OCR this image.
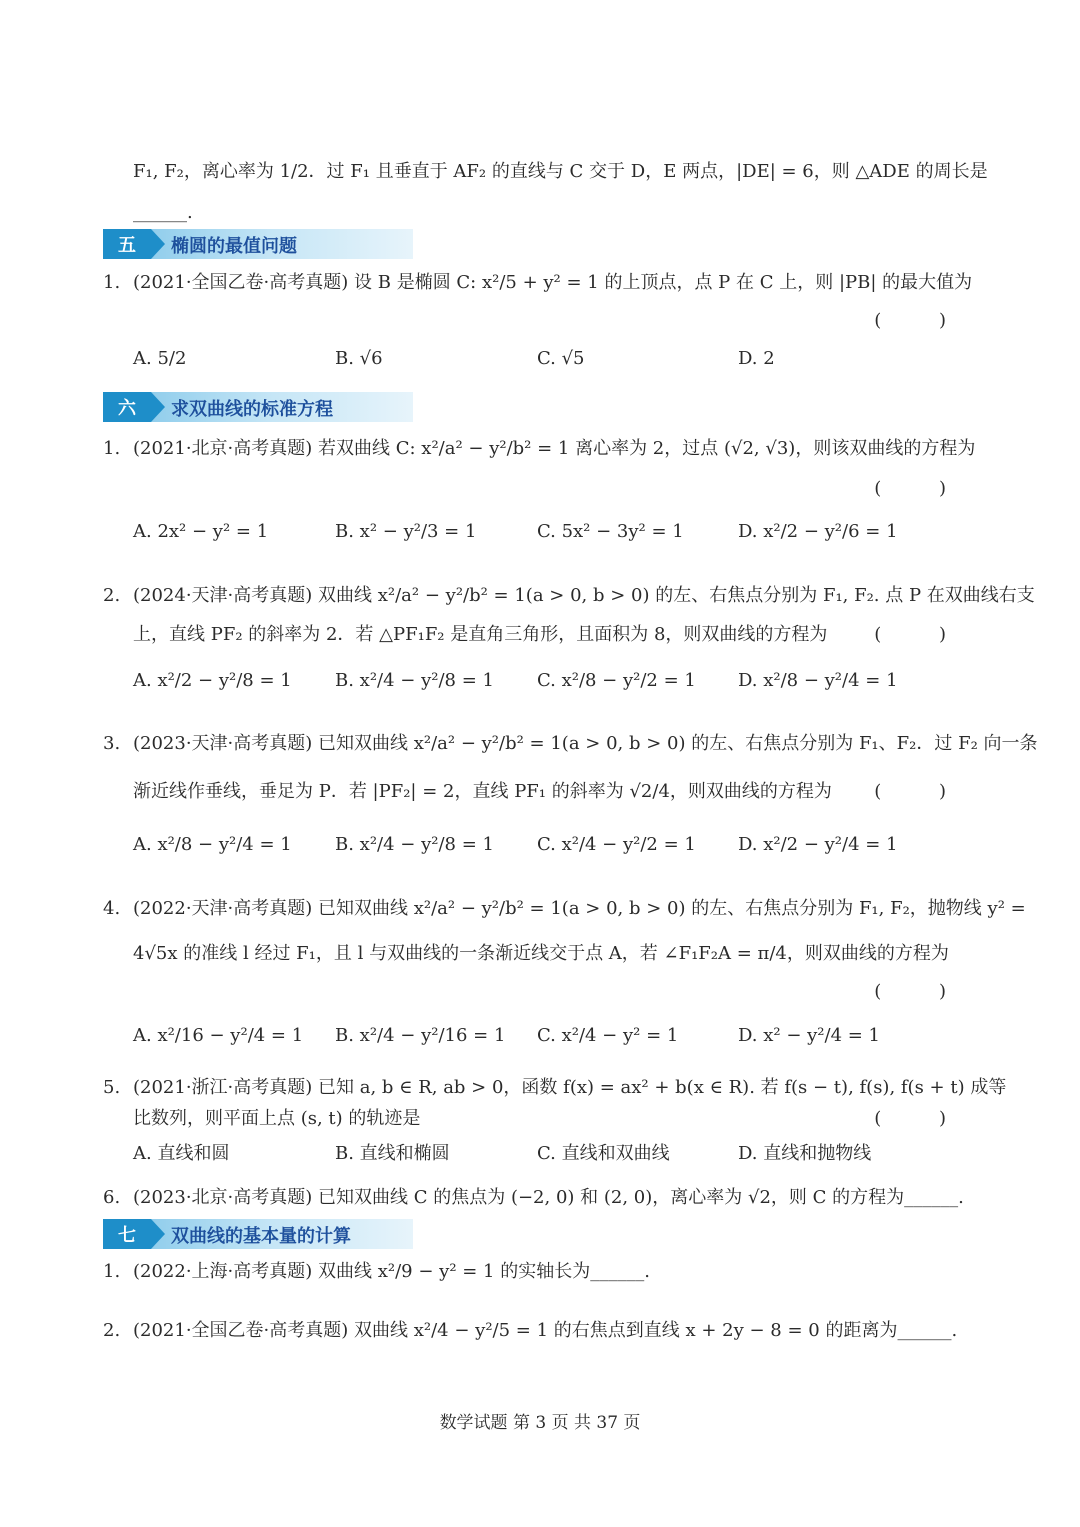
F₁, F₂，离心率为 1/2．过 F₁ 且垂直于 AF₂ 的直线与 C 交于 D，E 两点，|DE| = 6，则 △ADE 的周长是
______.
五	椭圆的最值问题
1. (2021·全国乙卷·高考真题) 设 B 是椭圆 C: x²/5 + y² = 1 的上顶点，点 P 在 C 上，则 |PB| 的最大值为
( )
A. 5/2	B. √6	C. √5	D. 2
六	求双曲线的标准方程
1. (2021·北京·高考真题) 若双曲线 C: x²/a² − y²/b² = 1 离心率为 2，过点 (√2, √3)，则该双曲线的方程为
( )
A. 2x² − y² = 1	B. x² − y²/3 = 1	C. 5x² − 3y² = 1	D. x²/2 − y²/6 = 1
2. (2024·天津·高考真题) 双曲线 x²/a² − y²/b² = 1(a > 0, b > 0) 的左、右焦点分别为 F₁, F₂. 点 P 在双曲线右支
上，直线 PF₂ 的斜率为 2．若 △PF₁F₂ 是直角三角形，且面积为 8，则双曲线的方程为	( )
A. x²/2 − y²/8 = 1 B. x²/4 − y²/8 = 1 C. x²/8 − y²/2 = 1 D. x²/8 − y²/4 = 1
3. (2023·天津·高考真题) 已知双曲线 x²/a² − y²/b² = 1(a > 0, b > 0) 的左、右焦点分别为 F₁、F₂．过 F₂ 向一条
渐近线作垂线，垂足为 P．若 |PF₂| = 2，直线 PF₁ 的斜率为 √2/4，则双曲线的方程为 ( )
A. x²/8 − y²/4 = 1 B. x²/4 − y²/8 = 1 C. x²/4 − y²/2 = 1 D. x²/2 − y²/4 = 1
4. (2022·天津·高考真题) 已知双曲线 x²/a² − y²/b² = 1(a > 0, b > 0) 的左、右焦点分别为 F₁, F₂，抛物线 y² =
4√5x 的准线 l 经过 F₁，且 l 与双曲线的一条渐近线交于点 A，若 ∠F₁F₂A = π/4，则双曲线的方程为
( )
A. x²/16 − y²/4 = 1 B. x²/4 − y²/16 = 1 C. x²/4 − y² = 1	D. x² − y²/4 = 1
5. (2021·浙江·高考真题) 已知 a, b ∈ R, ab > 0，函数 f(x) = ax² + b(x ∈ R). 若 f(s − t), f(s), f(s + t) 成等
比数列，则平面上点 (s, t) 的轨迹是	( )
A. 直线和圆	B. 直线和椭圆	C. 直线和双曲线	D. 直线和抛物线
6. (2023·北京·高考真题) 已知双曲线 C 的焦点为 (−2, 0) 和 (2, 0)，离心率为 √2，则 C 的方程为______.
七	双曲线的基本量的计算
1. (2022·上海·高考真题) 双曲线 x²/9 − y² = 1 的实轴长为______.
2. (2021·全国乙卷·高考真题) 双曲线 x²/4 − y²/5 = 1 的右焦点到直线 x + 2y − 8 = 0 的距离为______.
数学试题 第 3 页 共 37 页
